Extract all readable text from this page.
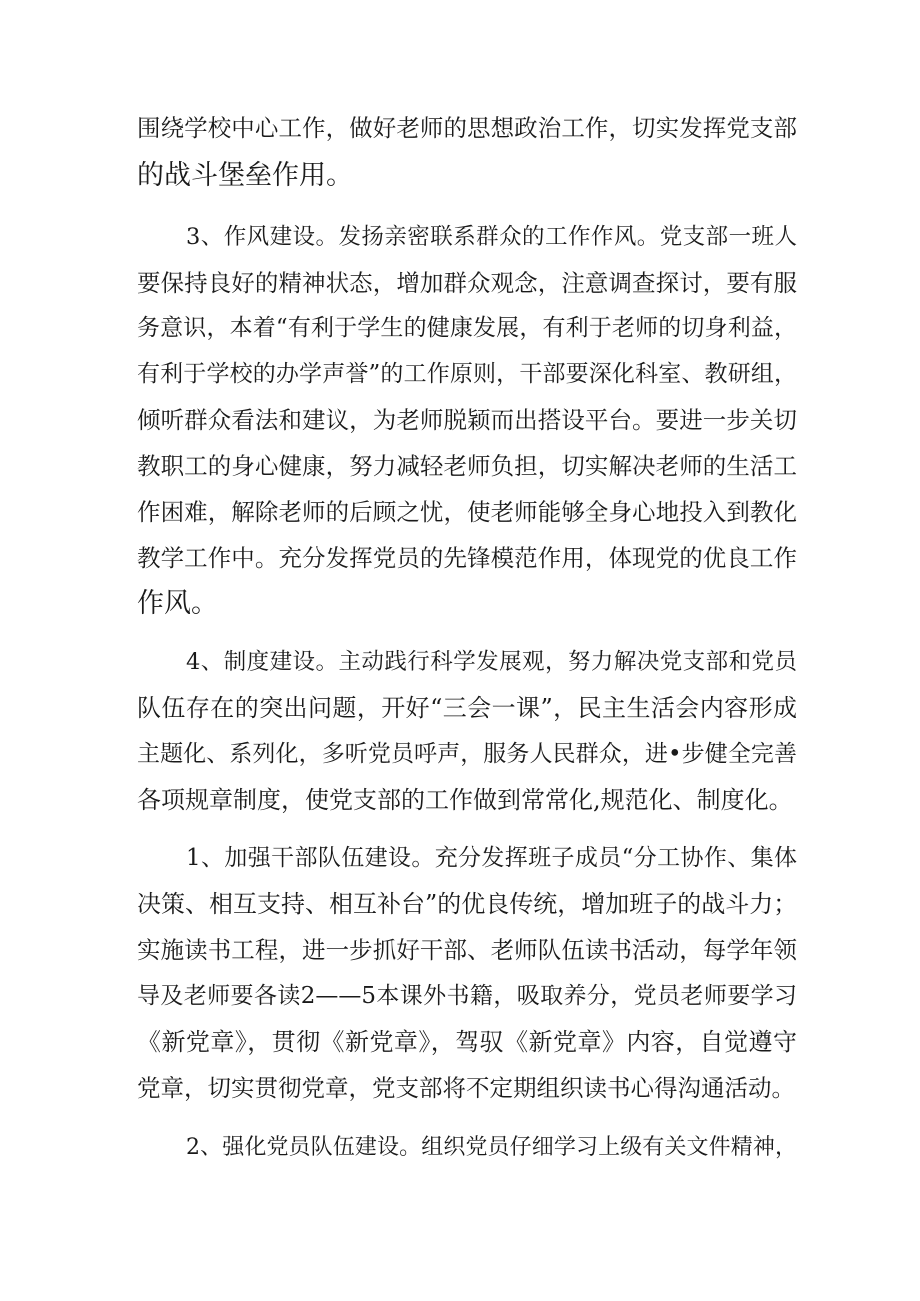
围绕学校中心工作，做好老师的思想政治工作，切实发挥党支部
的战斗堡垒作用。
3、作风建设。发扬亲密联系群众的工作作风。党支部一班人
要保持良好的精神状态，增加群众观念，注意调查探讨，要有服
务意识，本着“有利于学生的健康发展，有利于老师的切身利益，
有利于学校的办学声誉”的工作原则，干部要深化科室、教研组，
倾听群众看法和建议，为老师脱颖而出搭设平台。要进一步关切
教职工的身心健康，努力减轻老师负担，切实解决老师的生活工
作困难，解除老师的后顾之忧，使老师能够全身心地投入到教化
教学工作中。充分发挥党员的先锋模范作用，体现党的优良工作
作风。
4、制度建设。主动践行科学发展观，努力解决党支部和党员
队伍存在的突出问题，开好“三会一课”，民主生活会内容形成
主题化、系列化，多听党员呼声，服务人民群众，进•步健全完善
各项规章制度，使党支部的工作做到常常化,规范化、制度化。
1、加强干部队伍建设。充分发挥班子成员“分工协作、集体
决策、相互支持、相互补台”的优良传统，增加班子的战斗力；
实施读书工程，进一步抓好干部、老师队伍读书活动，每学年领
导及老师要各读2——5本课外书籍，吸取养分，党员老师要学习
《新党章》，贯彻《新党章》，驾驭《新党章》内容，自觉遵守
党章，切实贯彻党章，党支部将不定期组织读书心得沟通活动。
2、强化党员队伍建设。组织党员仔细学习上级有关文件精神，
